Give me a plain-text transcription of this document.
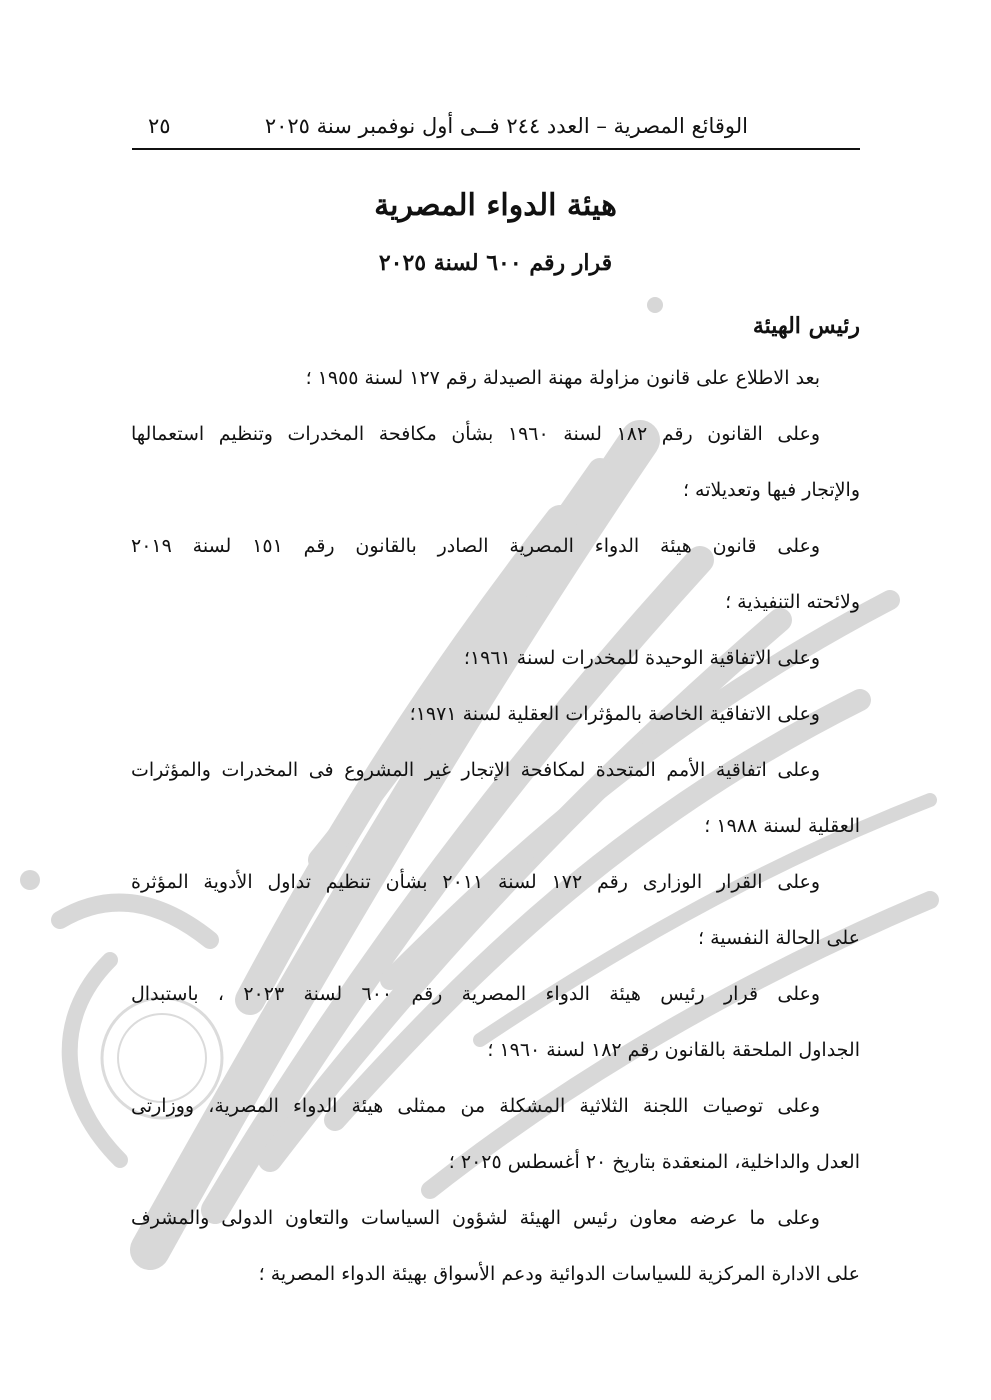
الوقائع المصرية – العدد ٢٤٤ فــى أول نوفمبر سنة ٢٠٢٥
٢٥
هيئة الدواء المصرية
قرار رقم ٦٠٠ لسنة ٢٠٢٥
رئيس الهيئة
بعد الاطلاع على قانون مزاولة مهنة الصيدلة رقم ١٢٧ لسنة ١٩٥٥ ؛
وعلى القانون رقم ١٨٢ لسنة ١٩٦٠ بشأن مكافحة المخدرات وتنظيم استعمالها
والإتجار فيها وتعديلاته ؛
وعلى قانون هيئة الدواء المصرية الصادر بالقانون رقم ١٥١ لسنة ٢٠١٩
ولائحته التنفيذية ؛
وعلى الاتفاقية الوحيدة للمخدرات لسنة ١٩٦١؛
وعلى الاتفاقية الخاصة بالمؤثرات العقلية لسنة ١٩٧١؛
وعلى اتفاقية الأمم المتحدة لمكافحة الإتجار غير المشروع فى المخدرات والمؤثرات
العقلية لسنة ١٩٨٨ ؛
وعلى القرار الوزارى رقم ١٧٢ لسنة ٢٠١١ بشأن تنظيم تداول الأدوية المؤثرة
على الحالة النفسية ؛
وعلى قرار رئيس هيئة الدواء المصرية رقم ٦٠٠ لسنة ٢٠٢٣ ، باستبدال
الجداول الملحقة بالقانون رقم ١٨٢ لسنة ١٩٦٠ ؛
وعلى توصيات اللجنة الثلاثية المشكلة من ممثلى هيئة الدواء المصرية، ووزارتى
العدل والداخلية، المنعقدة بتاريخ ٢٠ أغسطس ٢٠٢٥ ؛
وعلى ما عرضه معاون رئيس الهيئة لشؤون السياسات والتعاون الدولى والمشرف
على الادارة المركزية للسياسات الدوائية ودعم الأسواق بهيئة الدواء المصرية ؛
